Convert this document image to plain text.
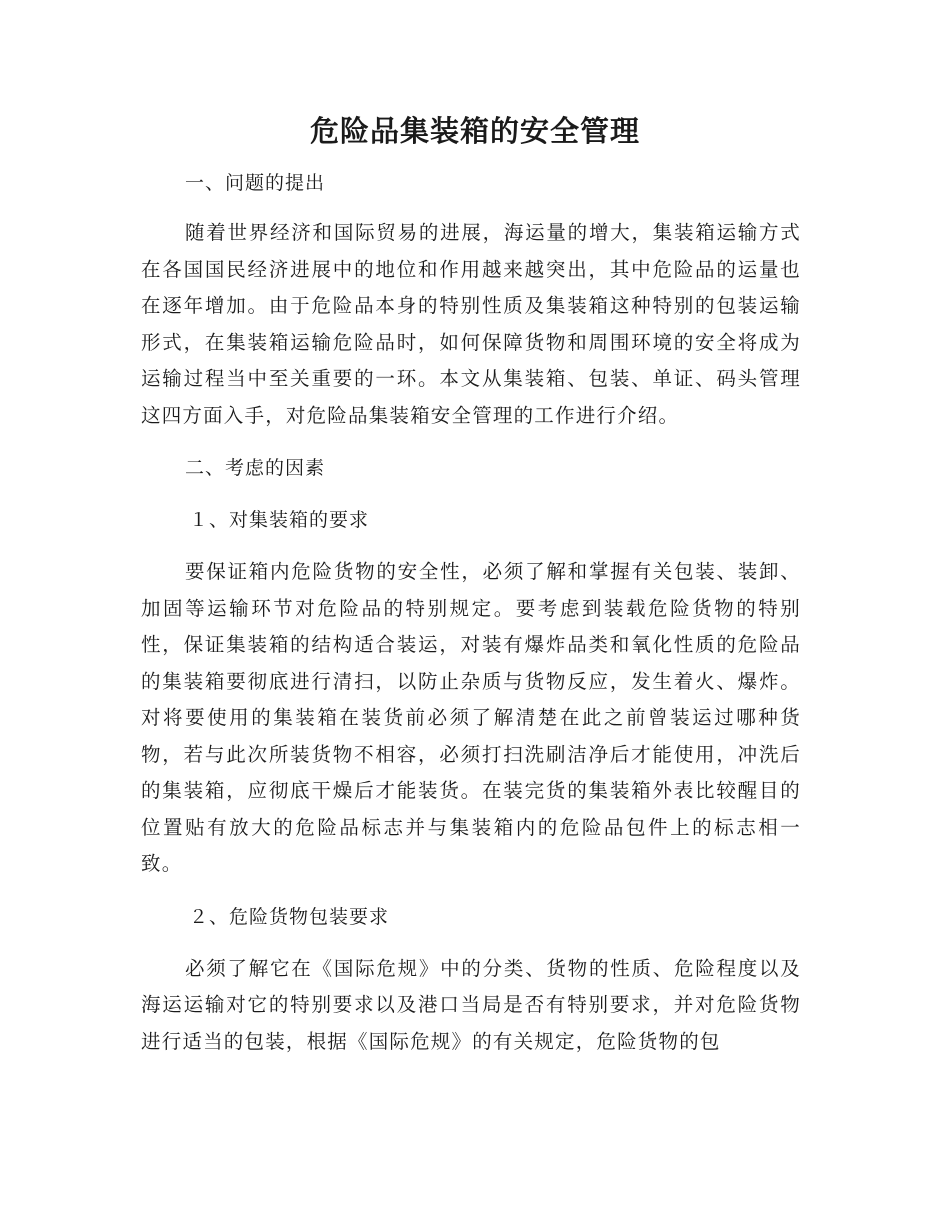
危险品集装箱的安全管理

一、问题的提出

随着世界经济和国际贸易的进展，海运量的增大，集装箱运输方式在各国国民经济进展中的地位和作用越来越突出，其中危险品的运量也在逐年增加。由于危险品本身的特别性质及集装箱这种特别的包装运输形式，在集装箱运输危险品时，如何保障货物和周围环境的安全将成为运输过程当中至关重要的一环。本文从集装箱、包装、单证、码头管理这四方面入手，对危险品集装箱安全管理的工作进行介绍。

二、考虑的因素

１、对集装箱的要求

要保证箱内危险货物的安全性，必须了解和掌握有关包装、装卸、加固等运输环节对危险品的特别规定。要考虑到装载危险货物的特别性，保证集装箱的结构适合装运，对装有爆炸品类和氧化性质的危险品的集装箱要彻底进行清扫，以防止杂质与货物反应，发生着火、爆炸。对将要使用的集装箱在装货前必须了解清楚在此之前曾装运过哪种货物，若与此次所装货物不相容，必须打扫洗刷洁净后才能使用，冲洗后的集装箱，应彻底干燥后才能装货。在装完货的集装箱外表比较醒目的位置贴有放大的危险品标志并与集装箱内的危险品包件上的标志相一致。

２、危险货物包装要求

必须了解它在《国际危规》中的分类、货物的性质、危险程度以及海运运输对它的特别要求以及港口当局是否有特别要求，并对危险货物进行适当的包装，根据《国际危规》的有关规定，危险货物的包
